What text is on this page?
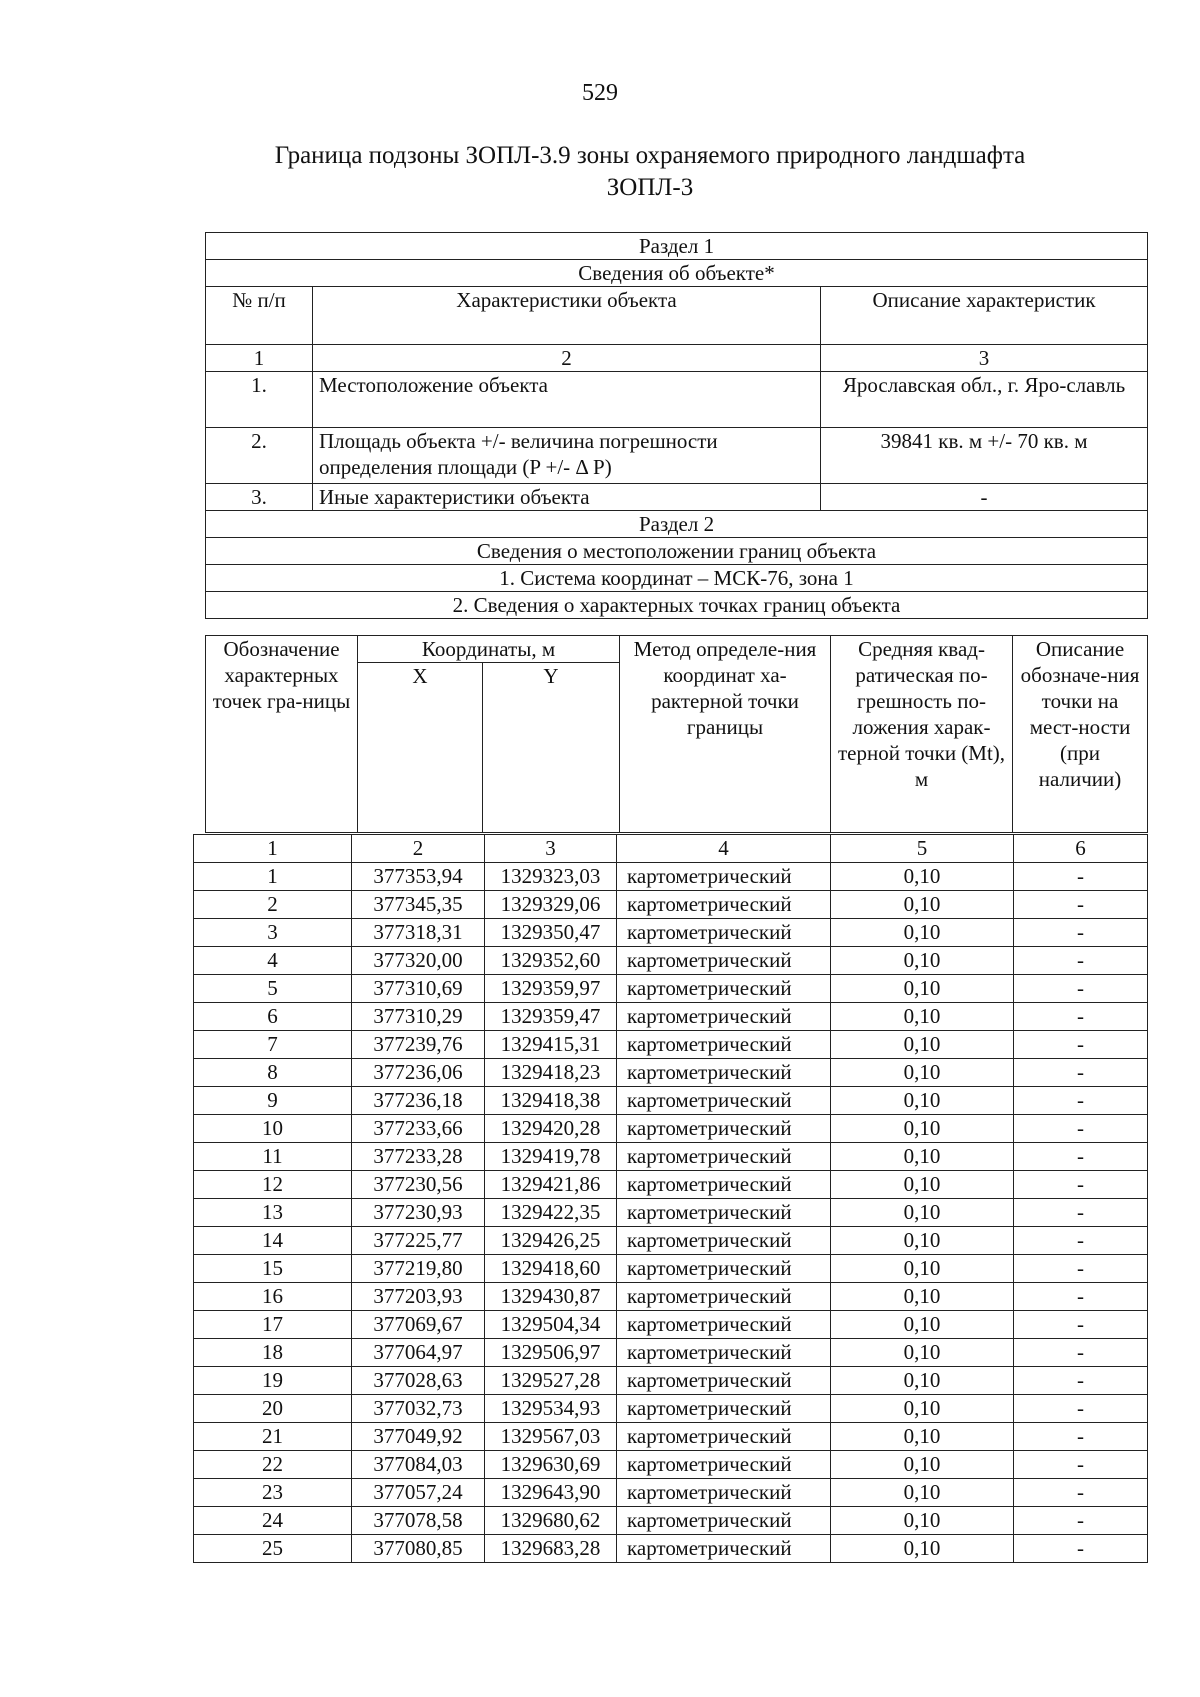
529
Граница подзоны ЗОПЛ-3.9 зоны охраняемого природного ландшафта
ЗОПЛ-3
Раздел 1		
Сведения об объекте*		
№ п/п	Характеристики объекта	Описание характеристик
1	2	3
1.	Местоположение объекта	Ярославская обл., г. Яро-славль
2.	Площадь объекта +/- величина погрешности определения площади (P +/- Δ P)	39841 кв. м +/- 70 кв. м
3.	Иные характеристики объекта	-
Раздел 2		
Сведения о местоположении границ объекта		
1. Система координат – МСК-76, зона 1		
2. Сведения о характерных точках границ объекта		
Обозначение характерных точек гра-ницы	Координаты, м		Метод определе-ния координат ха-рактерной точки границы	Средняя квад-ратическая по-грешность по-ложения харак-терной точки (Mt), м	Описание обозначе-ния точки на мест-ности (при наличии)
	X	Y			
1	2	3	4	5	6
1	377353,94	1329323,03	картометрический	0,10	-
2	377345,35	1329329,06	картометрический	0,10	-
3	377318,31	1329350,47	картометрический	0,10	-
4	377320,00	1329352,60	картометрический	0,10	-
5	377310,69	1329359,97	картометрический	0,10	-
6	377310,29	1329359,47	картометрический	0,10	-
7	377239,76	1329415,31	картометрический	0,10	-
8	377236,06	1329418,23	картометрический	0,10	-
9	377236,18	1329418,38	картометрический	0,10	-
10	377233,66	1329420,28	картометрический	0,10	-
11	377233,28	1329419,78	картометрический	0,10	-
12	377230,56	1329421,86	картометрический	0,10	-
13	377230,93	1329422,35	картометрический	0,10	-
14	377225,77	1329426,25	картометрический	0,10	-
15	377219,80	1329418,60	картометрический	0,10	-
16	377203,93	1329430,87	картометрический	0,10	-
17	377069,67	1329504,34	картометрический	0,10	-
18	377064,97	1329506,97	картометрический	0,10	-
19	377028,63	1329527,28	картометрический	0,10	-
20	377032,73	1329534,93	картометрический	0,10	-
21	377049,92	1329567,03	картометрический	0,10	-
22	377084,03	1329630,69	картометрический	0,10	-
23	377057,24	1329643,90	картометрический	0,10	-
24	377078,58	1329680,62	картометрический	0,10	-
25	377080,85	1329683,28	картометрический	0,10	-
